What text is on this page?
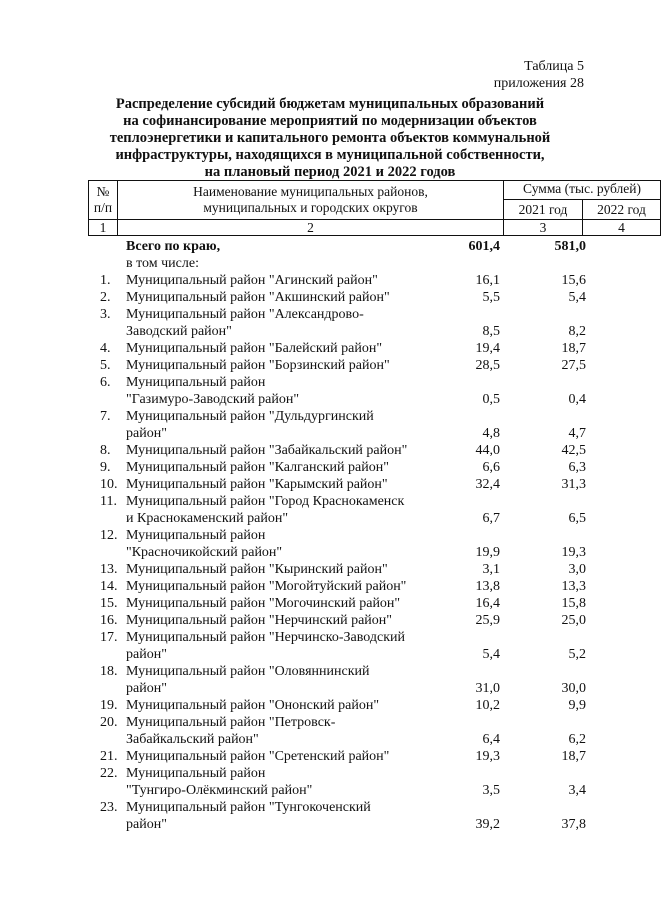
Таблица 5
приложения 28
Распределение субсидий бюджетам муниципальных образований
на софинансирование мероприятий по модернизации объектов
теплоэнергетики и капитального ремонта объектов коммунальной
инфраструктуры, находящихся в муниципальной собственности,
на плановый период 2021 и 2022 годов
№
п/п
Наименование муниципальных районов,
муниципальных и городских округов
Сумма (тыс. рублей)
2021 год	2022 год
1	2	3	4
Всего по краю,	601,4	581,0
в том числе:
1.	Муниципальный район "Агинский район"	16,1	15,6
2.	Муниципальный район "Акшинский район"	5,5	5,4
3.	Муниципальный район "Александрово-
Заводский район"	8,5	8,2
4.	Муниципальный район "Балейский район"	19,4	18,7
5.	Муниципальный район "Борзинский район"	28,5	27,5
6.	Муниципальный район
"Газимуро-Заводский район"	0,5	0,4
7.	Муниципальный район "Дульдургинский
район"	4,8	4,7
8.	Муниципальный район "Забайкальский район"	44,0	42,5
9.	Муниципальный район "Калганский район"	6,6	6,3
10. Муниципальный район "Карымский район"	32,4	31,3
11. Муниципальный район "Город Краснокаменск
и Краснокаменский район"	6,7	6,5
12. Муниципальный район
"Красночикойский район"	19,9	19,3
13. Муниципальный район "Кыринский район"	3,1	3,0
14. Муниципальный район "Могойтуйский район"	13,8	13,3
15. Муниципальный район "Могочинский район"	16,4	15,8
16. Муниципальный район "Нерчинский район"	25,9	25,0
17. Муниципальный район "Нерчинско-Заводский
район"	5,4	5,2
18. Муниципальный район "Оловяннинский
район"	31,0	30,0
19. Муниципальный район "Ононский район"	10,2	9,9
20. Муниципальный район "Петровск-
Забайкальский район"	6,4	6,2
21. Муниципальный район "Сретенский район"	19,3	18,7
22. Муниципальный район
"Тунгиро-Олёкминский район"	3,5	3,4
23. Муниципальный район "Тунгокоченский
район"	39,2	37,8
